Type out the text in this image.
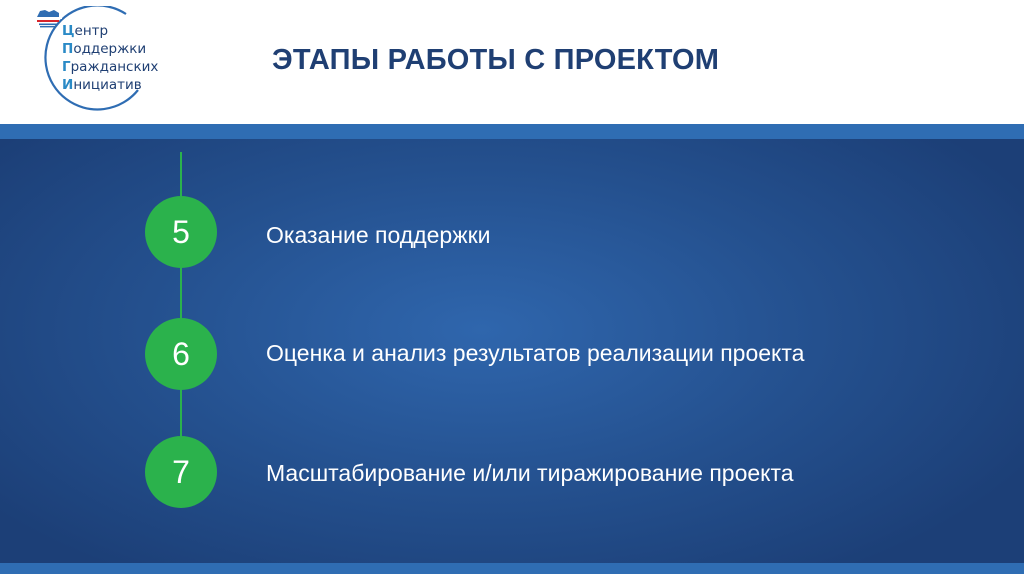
Центр
Поддержки
Гражданских
Инициатив
ЭТАПЫ РАБОТЫ С ПРОЕКТОМ
5	Оказание поддержки
6	Оценка и анализ результатов реализации проекта
7	Масштабирование и/или тиражирование проекта
